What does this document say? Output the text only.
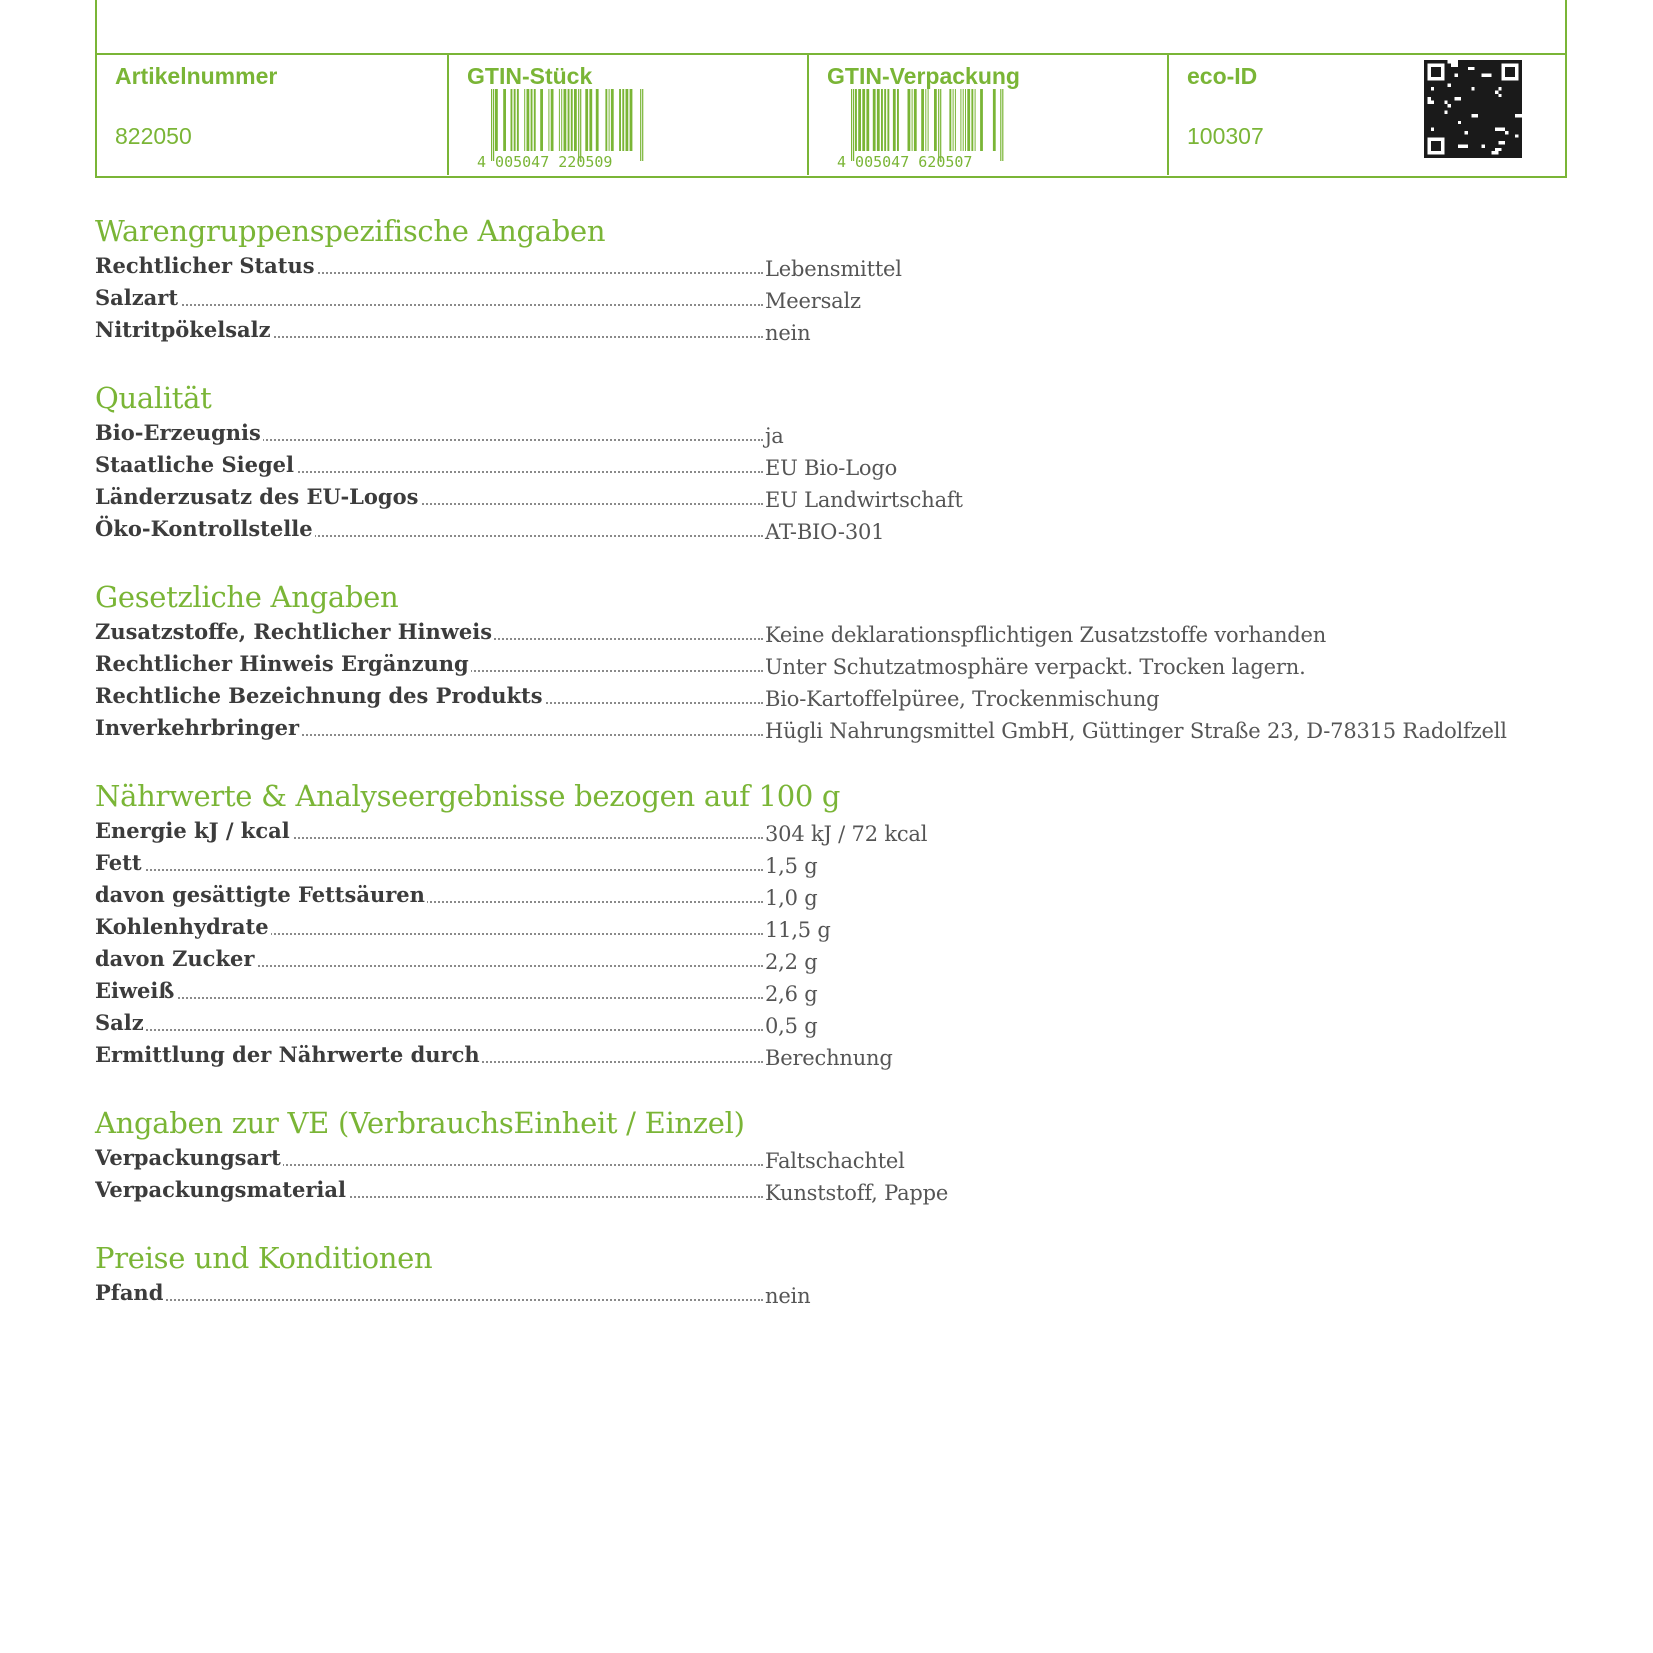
Artikelnummer
822050
GTIN-Stück
4 005047 220509
GTIN-Verpackung
4 005047 620507
eco-ID
100307
Warengruppenspezifische Angaben
Rechtlicher Status	Lebensmittel
Salzart	Meersalz
Nitritpökelsalz	nein
Qualität
Bio-Erzeugnis	ja
Staatliche Siegel	EU Bio-Logo
Länderzusatz des EU-Logos	EU Landwirtschaft
Öko-Kontrollstelle	AT-BIO-301
Gesetzliche Angaben
Zusatzstoffe, Rechtlicher Hinweis	Keine deklarationspflichtigen Zusatzstoffe vorhanden
Rechtlicher Hinweis Ergänzung	Unter Schutzatmosphäre verpackt. Trocken lagern.
Rechtliche Bezeichnung des Produkts	Bio-Kartoffelpüree, Trockenmischung
Inverkehrbringer	Hügli Nahrungsmittel GmbH, Güttinger Straße 23, D-78315 Radolfzell
Nährwerte & Analyseergebnisse bezogen auf 100 g
Energie kJ / kcal	304 kJ / 72 kcal
Fett	1,5 g
davon gesättigte Fettsäuren	1,0 g
Kohlenhydrate	11,5 g
davon Zucker	2,2 g
Eiweiß	2,6 g
Salz	0,5 g
Ermittlung der Nährwerte durch	Berechnung
Angaben zur VE (VerbrauchsEinheit / Einzel)
Verpackungsart	Faltschachtel
Verpackungsmaterial	Kunststoff, Pappe
Preise und Konditionen
Pfand	nein
